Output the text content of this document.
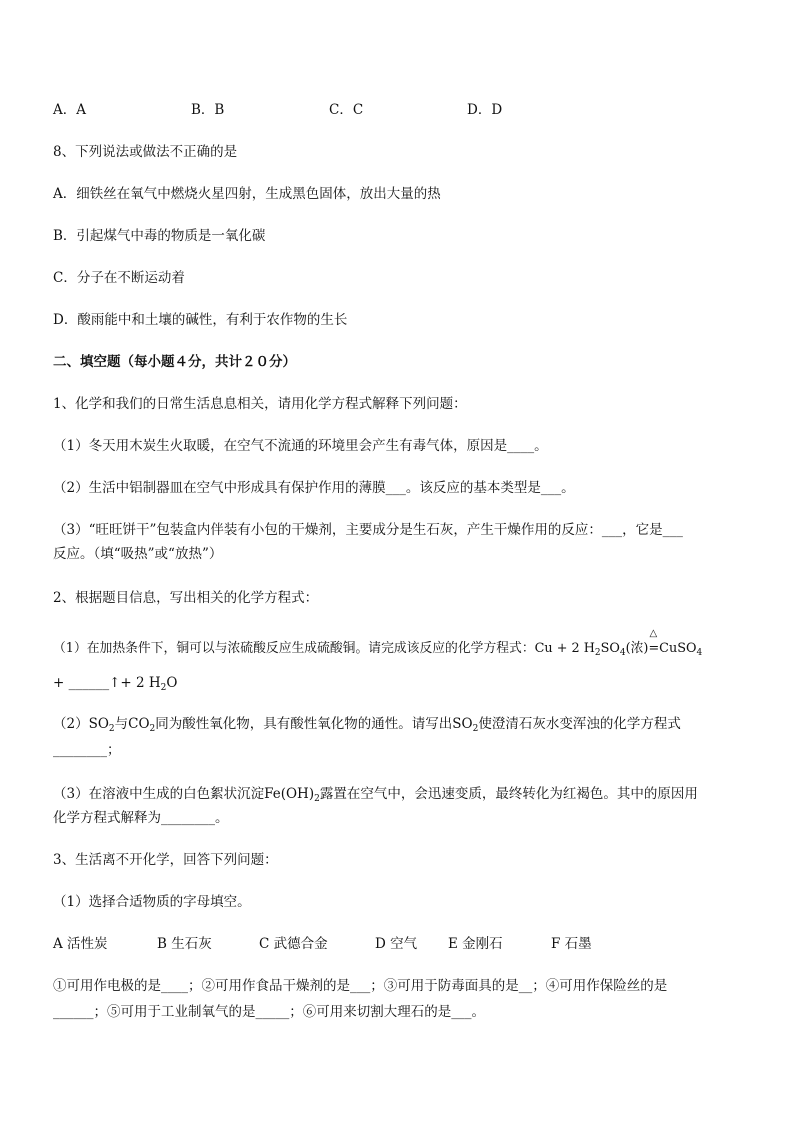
A．A	B．B	C．C	D．D
8、下列说法或做法不正确的是
A．细铁丝在氧气中燃烧火星四射，生成黑色固体，放出大量的热
B．引起煤气中毒的物质是一氧化碳
C．分子在不断运动着
D．酸雨能中和土壤的碱性，有利于农作物的生长
二、填空题（每小题４分，共计２０分）
1、化学和我们的日常生活息息相关，请用化学方程式解释下列问题：
（1）冬天用木炭生火取暖，在空气不流通的环境里会产生有毒气体，原因是____。
（2）生活中铝制器皿在空气中形成具有保护作用的薄膜___。该反应的基本类型是___。
（3）“旺旺饼干”包装盒内伴装有小包的干燥剂，主要成分是生石灰，产生干燥作用的反应：___，它是___
反应。（填“吸热”或“放热”）
2、根据题目信息，写出相关的化学方程式：
（1）在加热条件下，铜可以与浓硫酸反应生成硫酸铜。请完成该反应的化学方程式：Cu + 2 $H_2SO_4$(浓)
△
=CuSO$_4$
+ ______↑+ 2 $H_2O$
$(2)SO_2$与$CO_2$同为酸性氧化物，具有酸性氧化物的通性。请写出$SO_2$使澄清石灰水变浑浊的化学方程式
________；
（3）在溶液中生成的白色絮状沉淀$Fe(OH)_2$露置在空气中，会迅速变质，最终转化为红褐色。其中的原因用
化学方程式解释为________。
3、生活离不开化学，回答下列问题：
（1）选择合适物质的字母填空。
A 活性炭	B 生石灰	C 武德合金	D 空气 E 金刚石	F 石墨
①可用作电极的是____；②可用作食品干燥剂的是___；③可用于防毒面具的是__；④可用作保险丝的是
______；⑤可用于工业制氧气的是_____；⑥可用来切割大理石的是___。
